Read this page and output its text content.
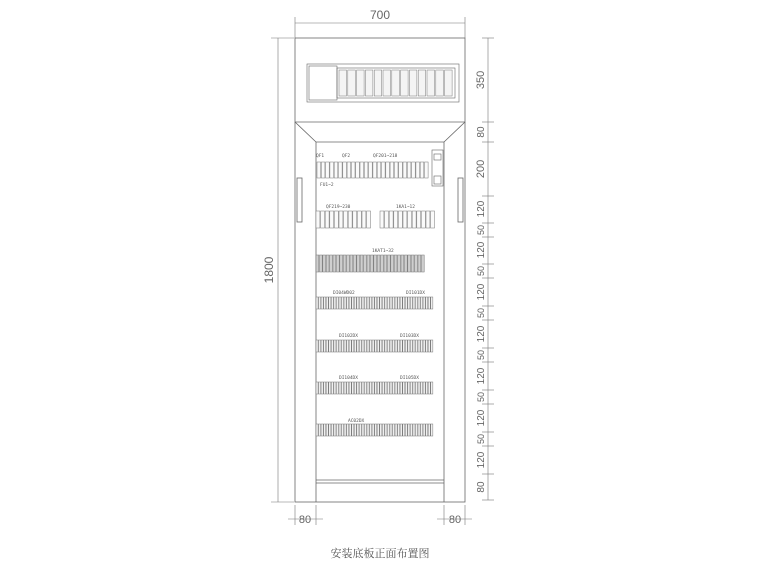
700
1800
80	80
350
80
200
120
50
120
50
120
50
120
50
120
50
120
50
120
80
QF1	QF2	QF201~218
FU1~2
QF219~230	1KA1~12
1KAT1~32
DI04WD02	DI101DX
DI102DX	DI103DX
DI104DX	DI105DX
AC02DX
安装底板正面布置图
